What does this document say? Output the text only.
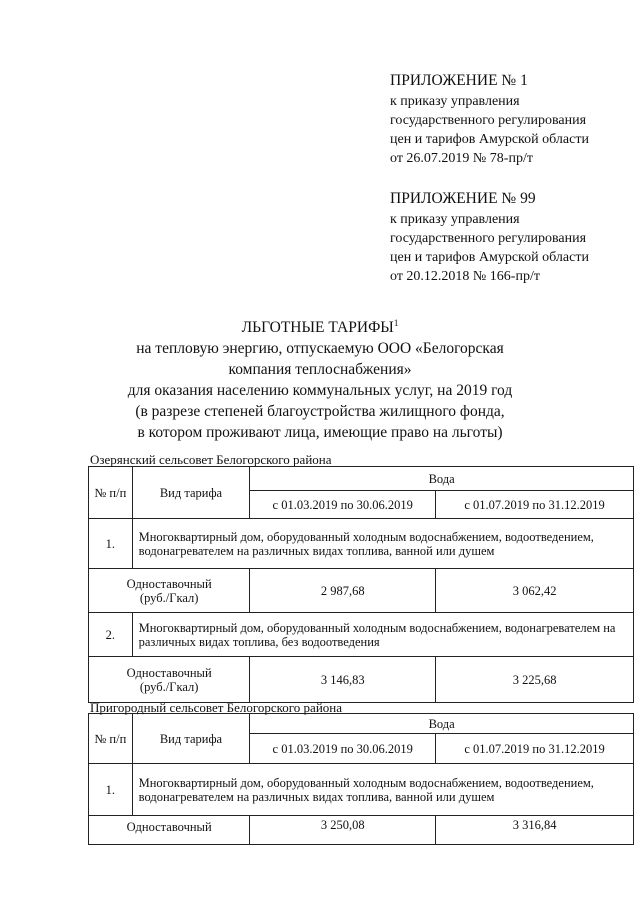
ПРИЛОЖЕНИЕ № 1
к приказу управления
государственного регулирования
цен и тарифов Амурской области
от 26.07.2019 № 78-пр/т
ПРИЛОЖЕНИЕ № 99
к приказу управления
государственного регулирования
цен и тарифов Амурской области
от 20.12.2018 № 166-пр/т
ЛЬГОТНЫЕ ТАРИФЫ$^1$
на тепловую энергию, отпускаемую ООО «Белогорская
компания теплоснабжения»
для оказания населению коммунальных услуг, на 2019 год
(в разрезе степеней благоустройства жилищного фонда,
в котором проживают лица, имеющие право на льготы)
Озерянский сельсовет Белогорского района
№ п/п	Вид тарифа	Вода	
		с 01.03.2019 по 30.06.2019	с 01.07.2019 по 31.12.2019
1.	Многоквартирный дом, оборудованный холодным водоснабжением, водоотведением, водонагревателем на различных видах топлива, ванной или душем		

Одноставочный
(руб./Гкал)		2 987,68	3 062,42
2.	Многоквартирный дом, оборудованный холодным водоснабжением, водонагревателем на различных видах топлива, без водоотведения		

Одноставочный
(руб./Гкал)		3 146,83	3 225,68
Пригородный сельсовет Белогорского района
№ п/п	Вид тарифа	Вода	
		с 01.03.2019 по 30.06.2019	с 01.07.2019 по 31.12.2019
1.	Многоквартирный дом, оборудованный холодным водоснабжением, водоотведением, водонагревателем на различных видах топлива, ванной или душем		

Одноставочный		3 250,08	3 316,84
